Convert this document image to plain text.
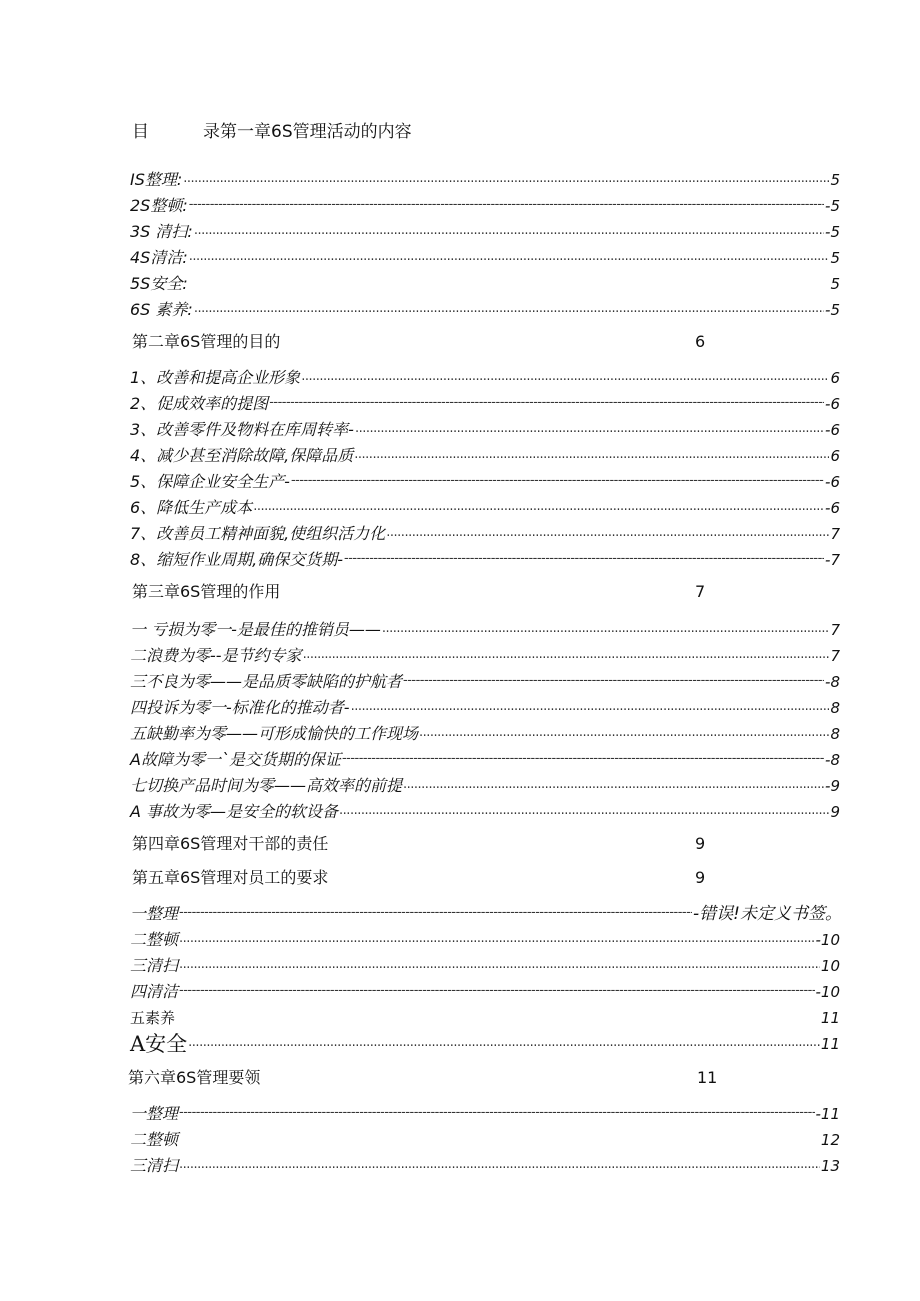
目          录第一章6S管理活动的内容
IS整理: .....	5
2S整顿: -----	-5
3S 清扫: .....	-5
4S清洁: .....	5
5S安全:	5
6S 素养: .....	-5
第二章6S管理的目的	6
1、改善和提高企业形象 .....	6
2、促成效率的提图 -----	-6
3、改善零件及物料在库周转率- .....	-6
4、减少甚至消除故障,保障品质 .....	6
5、保障企业安全生产- -----	-6
6、降低生产成本 .....	-6
7、改善员工精神面貌,使组织活力化 .....	7
8、缩短作业周期,确保交货期- -----	-7
第三章6S管理的作用	7
一 亏损为零一-是最佳的推销员—— .....	7
二浪费为零--是节约专家 .....	7
三不良为零——是品质零缺陷的护航者 -----	-8
四投诉为零一-标准化的推动者- .....	8
五缺勤率为零——可形成愉快的工作现场 .....	8
A故障为零一`是交货期的保证 -----	-8
七切换产品时间为零——高效率的前提 .....	-9
A 事故为零—是安全的软设备 .....	9
第四章6S管理对干部的责任	9
第五章6S管理对员工的要求	9
一整理 -----	-错误!未定义书签。
二整顿 .....	-10
三清扫 .....	10
四清洁 -----	-10
五素养	11
A安全 .....	11
第六章6S管理要领	11
一整理 -----	-11
二整顿	12
三清扫 .....	13
